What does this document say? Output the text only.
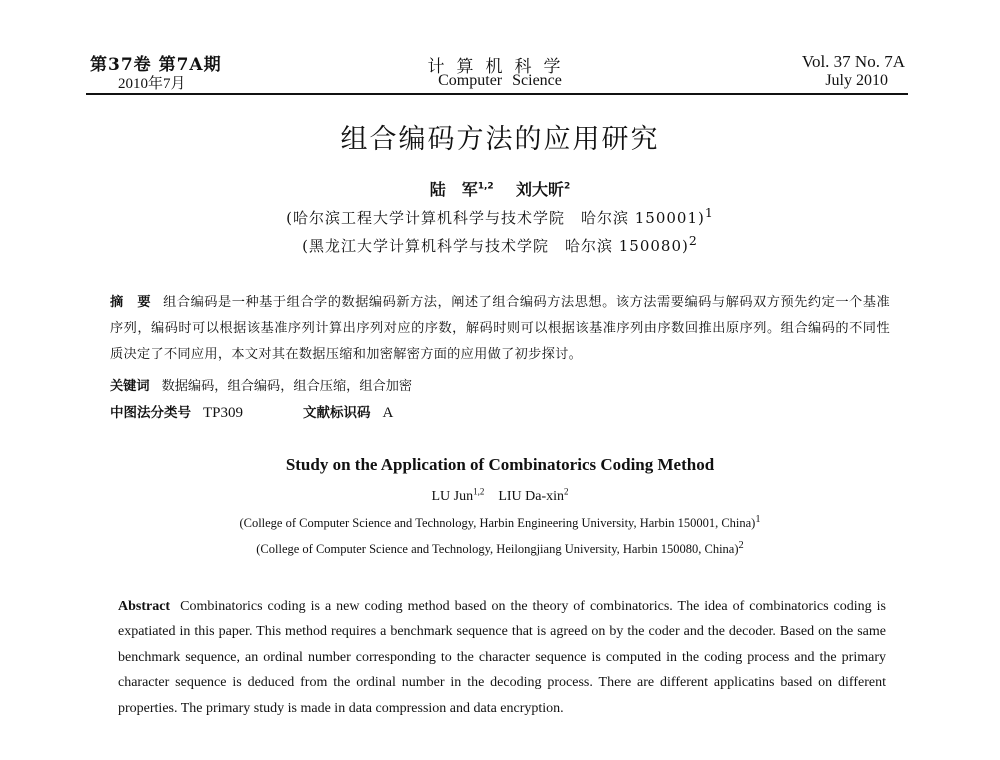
第37卷 第7A期
2010年7月
计算机科学
Computer Science
Vol. 37 No. 7A
July 2010
组合编码方法的应用研究
陆　军$^{1,2}$ 刘大昕$^2$
(哈尔滨工程大学计算机科学与技术学院　哈尔滨 150001)$^1$
(黑龙江大学计算机科学与技术学院　哈尔滨 150080)$^2$
摘　要 组合编码是一种基于组合学的数据编码新方法，阐述了组合编码方法思想。该方法需要编码与解码双方预先约定一个基准序列，编码时可以根据该基准序列计算出序列对应的序数，解码时则可以根据该基准序列由序数回推出原序列。组合编码的不同性质决定了不同应用，本文对其在数据压缩和加密解密方面的应用做了初步探讨。
关键词 数据编码，组合编码，组合压缩，组合加密
中图法分类号 TP309	文献标识码 A
Study on the Application of Combinatorics Coding Method
LU Jun$^{1,2}$ LIU Da-xin$^2$
(College of Computer Science and Technology, Harbin Engineering University, Harbin 150001, China)$^1$
(College of Computer Science and Technology, Heilongjiang University, Harbin 150080, China)$^2$
Abstract Combinatorics coding is a new coding method based on the theory of combinatorics. The idea of combinatorics coding is expatiated in this paper. This method requires a benchmark sequence that is agreed on by the coder and the decoder. Based on the same benchmark sequence, an ordinal number corresponding to the character sequence is computed in the coding process and the primary character sequence is deduced from the ordinal number in the decoding process. There are different applicatins based on different properties. The primary study is made in data compression and data encryption.
